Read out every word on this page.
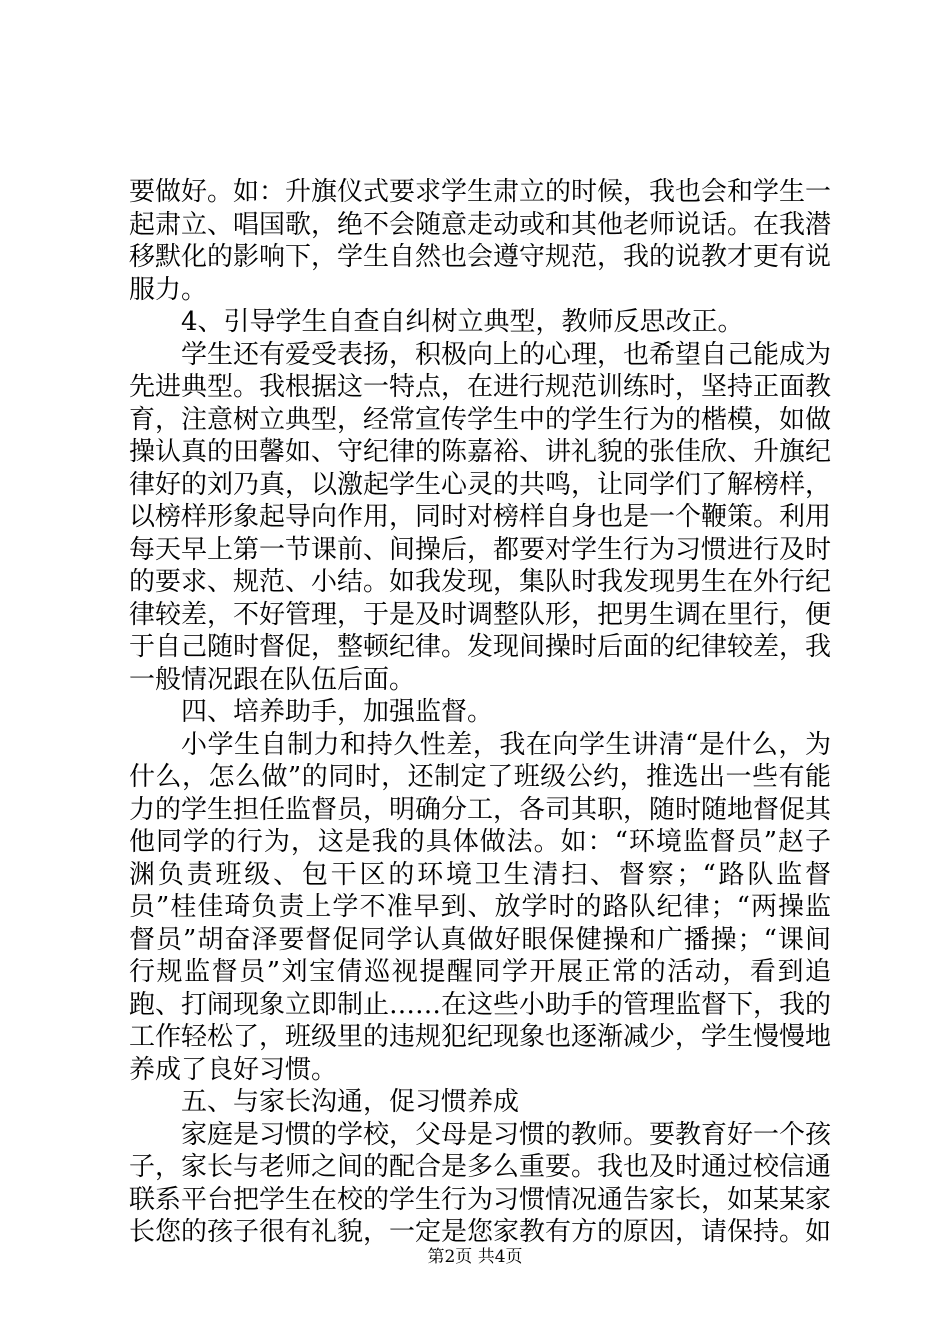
要做好。如：升旗仪式要求学生肃立的时候，我也会和学生一起肃立、唱国歌，绝不会随意走动或和其他老师说话。在我潜移默化的影响下，学生自然也会遵守规范，我的说教才更有说服力。

4、引导学生自查自纠树立典型，教师反思改正。

学生还有爱受表扬，积极向上的心理，也希望自己能成为先进典型。我根据这一特点，在进行规范训练时，坚持正面教育，注意树立典型，经常宣传学生中的学生行为的楷模，如做操认真的田馨如、守纪律的陈嘉裕、讲礼貌的张佳欣、升旗纪律好的刘乃真，以激起学生心灵的共鸣，让同学们了解榜样，以榜样形象起导向作用，同时对榜样自身也是一个鞭策。利用每天早上第一节课前、间操后，都要对学生行为习惯进行及时的要求、规范、小结。如我发现，集队时我发现男生在外行纪律较差，不好管理，于是及时调整队形，把男生调在里行，便于自己随时督促，整顿纪律。发现间操时后面的纪律较差，我一般情况跟在队伍后面。

四、培养助手，加强监督。

小学生自制力和持久性差，我在向学生讲清“是什么，为什么，怎么做”的同时，还制定了班级公约，推选出一些有能力的学生担任监督员，明确分工，各司其职，随时随地督促其他同学的行为，这是我的具体做法。如：“环境监督员”赵子渊负责班级、包干区的环境卫生清扫、督察；“路队监督员”桂佳琦负责上学不准早到、放学时的路队纪律；“两操监督员”胡奋泽要督促同学认真做好眼保健操和广播操；“课间行规监督员”刘宝倩巡视提醒同学开展正常的活动，看到追跑、打闹现象立即制止……在这些小助手的管理监督下，我的工作轻松了，班级里的违规犯纪现象也逐渐减少，学生慢慢地养成了良好习惯。

五、与家长沟通，促习惯养成

家庭是习惯的学校，父母是习惯的教师。要教育好一个孩子，家长与老师之间的配合是多么重要。我也及时通过校信通联系平台把学生在校的学生行为习惯情况通告家长，如某某家长您的孩子很有礼貌，一定是您家教有方的原因，请保持。如

第2页 共4页
